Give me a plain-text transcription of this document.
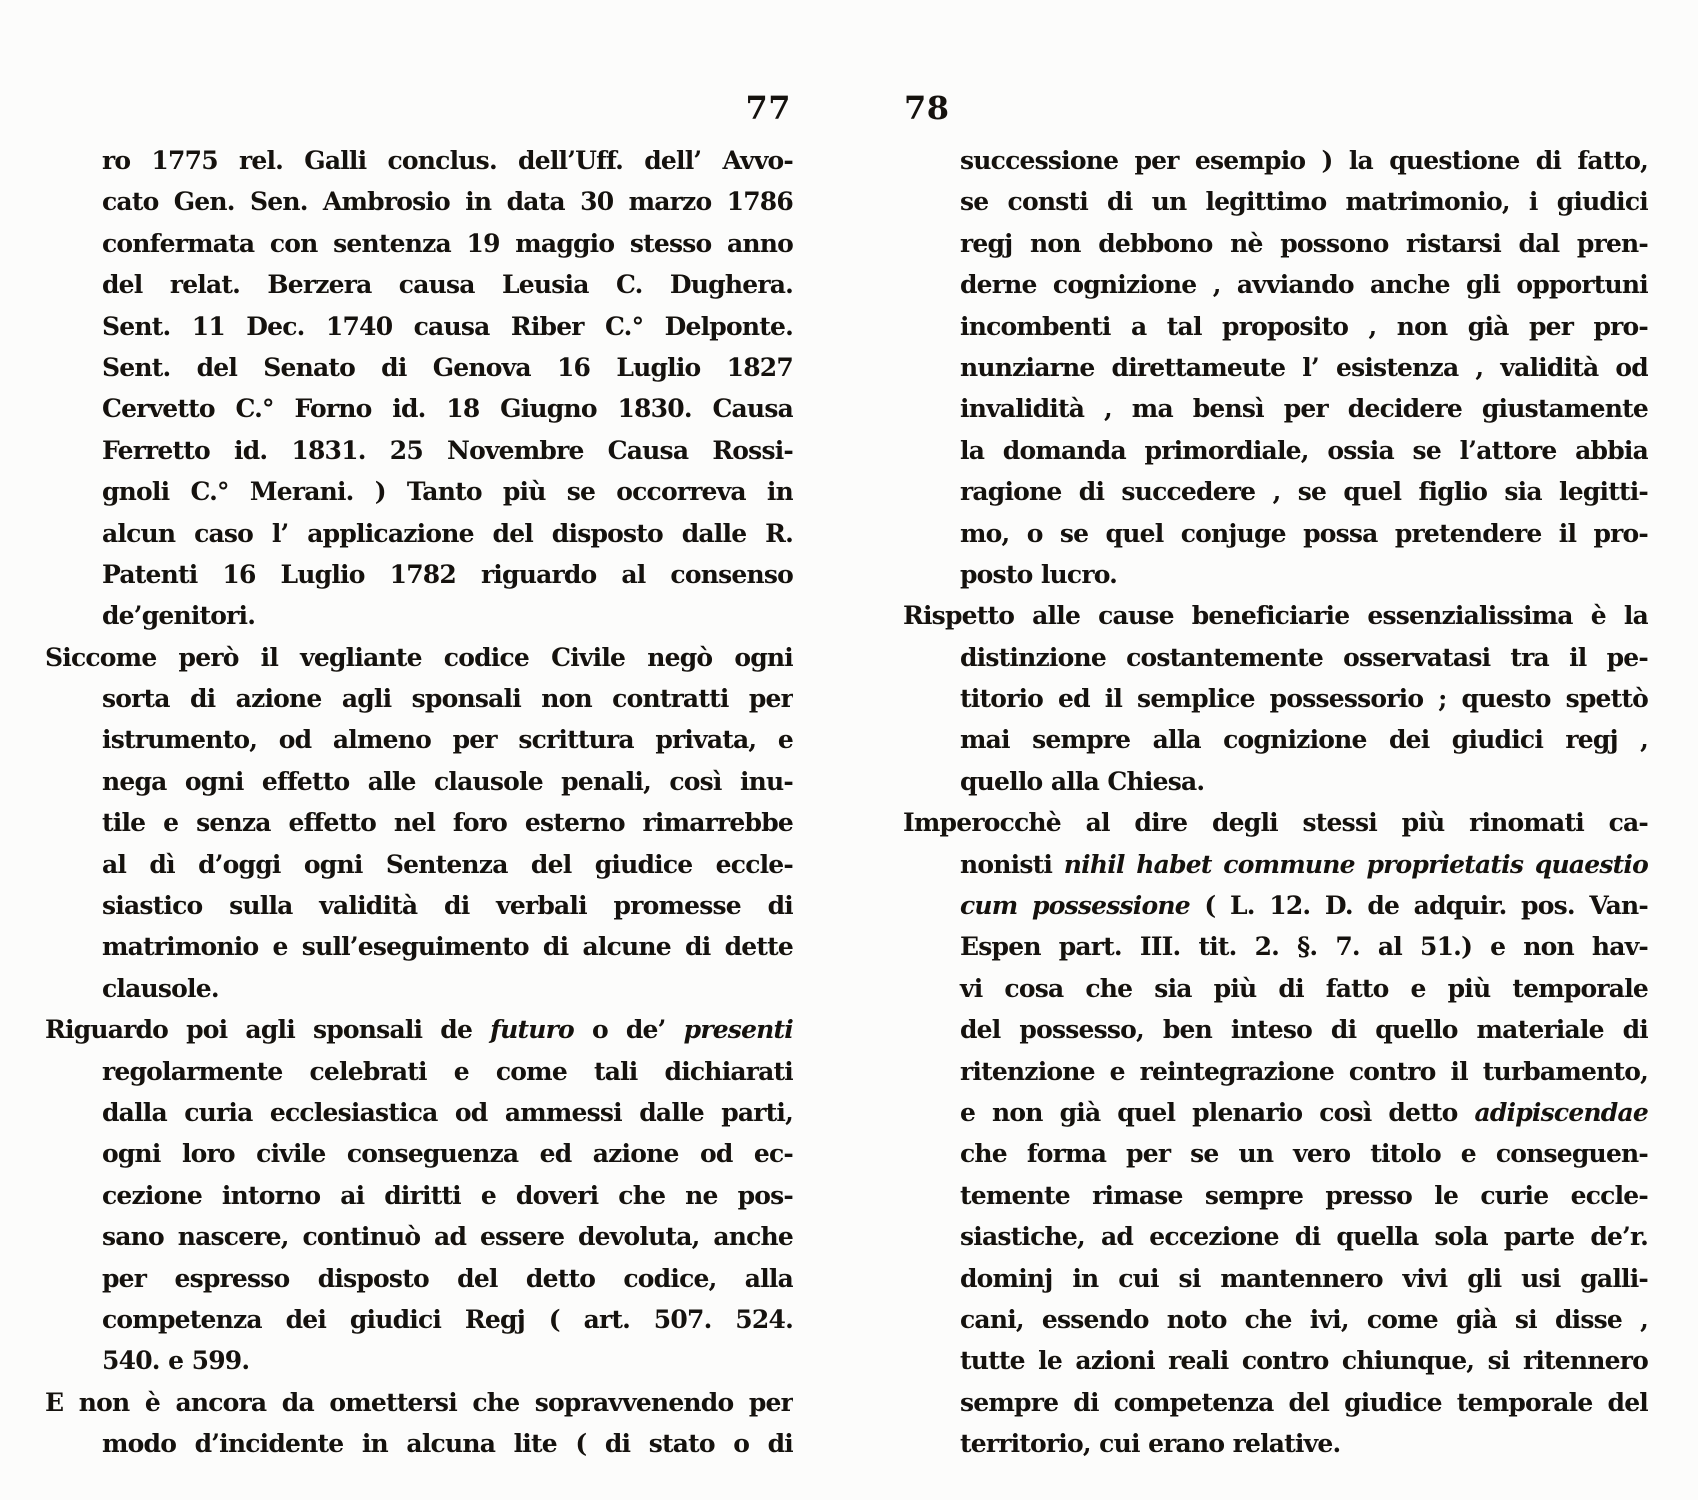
77
ro 1775 rel. Galli conclus. dell’Uff. dell’ Avvo-
cato Gen. Sen. Ambrosio in data 30 marzo 1786
confermata con sentenza 19 maggio stesso anno
del relat. Berzera causa Leusia C. Dughera.
Sent. 11 Dec. 1740 causa Riber C.° Delponte.
Sent. del Senato di Genova 16 Luglio 1827
Cervetto C.° Forno id. 18 Giugno 1830. Causa
Ferretto id. 1831. 25 Novembre Causa Rossi-
gnoli C.° Merani. ) Tanto più se occorreva in
alcun caso l’ applicazione del disposto dalle R.
Patenti 16 Luglio 1782 riguardo al consenso
de’genitori.
Siccome però il vegliante codice Civile negò ogni
sorta di azione agli sponsali non contratti per
istrumento, od almeno per scrittura privata, e
nega ogni effetto alle clausole penali, così inu-
tile e senza effetto nel foro esterno rimarrebbe
al dì d’oggi ogni Sentenza del giudice eccle-
siastico sulla validità di verbali promesse di
matrimonio e sull’eseguimento di alcune di dette
clausole.
Riguardo poi agli sponsali de futuro o de’ presenti
regolarmente celebrati e come tali dichiarati
dalla curia ecclesiastica od ammessi dalle parti,
ogni loro civile conseguenza ed azione od ec-
cezione intorno ai diritti e doveri che ne pos-
sano nascere, continuò ad essere devoluta, anche
per espresso disposto del detto codice, alla
competenza dei giudici Regj ( art. 507. 524.
540. e 599.
E non è ancora da omettersi che sopravvenendo per
modo d’incidente in alcuna lite ( di stato o di
78
successione per esempio ) la questione di fatto,
se consti di un legittimo matrimonio, i giudici
regj non debbono nè possono ristarsi dal pren-
derne cognizione , avviando anche gli opportuni
incombenti a tal proposito , non già per pro-
nunziarne direttameute l’ esistenza , validità od
invalidità , ma bensì per decidere giustamente
la domanda primordiale, ossia se l’attore abbia
ragione di succedere , se quel figlio sia legitti-
mo, o se quel conjuge possa pretendere il pro-
posto lucro.
Rispetto alle cause beneficiarie essenzialissima è la
distinzione costantemente osservatasi tra il pe-
titorio ed il semplice possessorio ; questo spettò
mai sempre alla cognizione dei giudici regj ,
quello alla Chiesa.
Imperocchè al dire degli stessi più rinomati ca-
nonisti nihil habet commune proprietatis quaestio
cum possessione ( L. 12. D. de adquir. pos. Van-
Espen part. III. tit. 2. §. 7. al 51.) e non hav-
vi cosa che sia più di fatto e più temporale
del possesso, ben inteso di quello materiale di
ritenzione e reintegrazione contro il turbamento,
e non già quel plenario così detto adipiscendae
che forma per se un vero titolo e conseguen-
temente rimase sempre presso le curie eccle-
siastiche, ad eccezione di quella sola parte de’r.
dominj in cui si mantennero vivi gli usi galli-
cani, essendo noto che ivi, come già si disse ,
tutte le azioni reali contro chiunque, si ritennero
sempre di competenza del giudice temporale del
territorio, cui erano relative.
